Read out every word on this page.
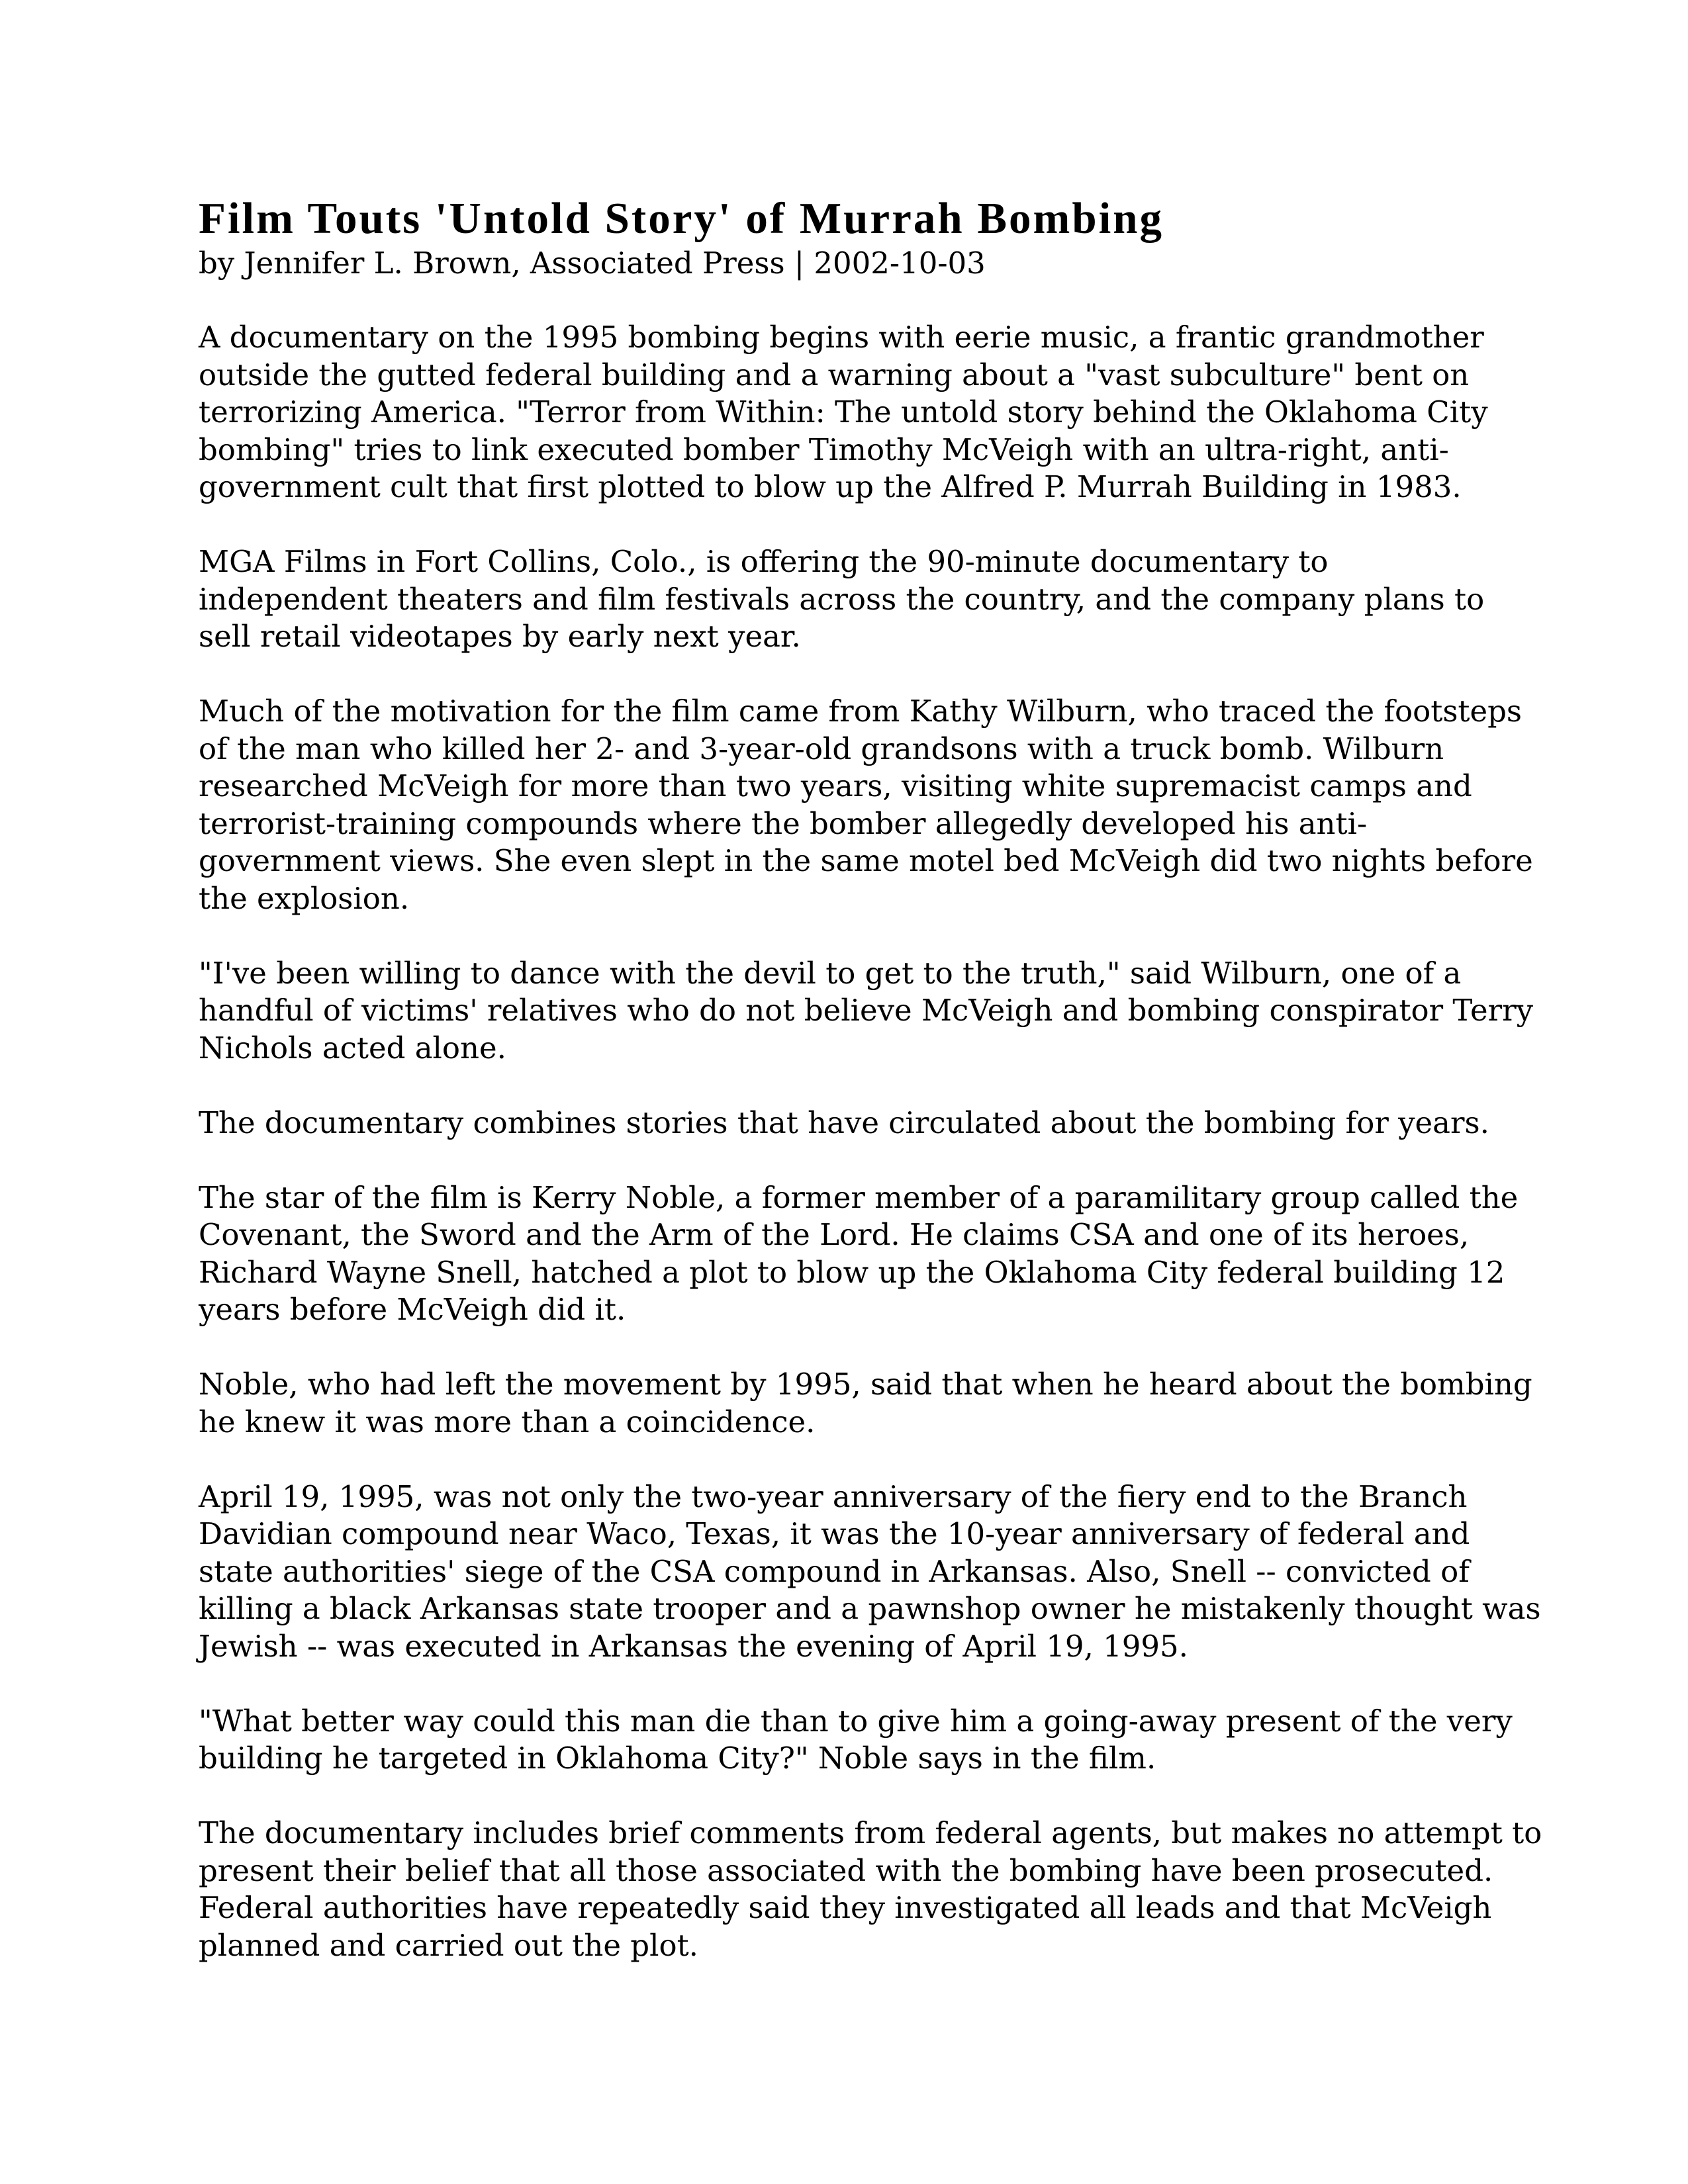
Film Touts 'Untold Story' of Murrah Bombing
by Jennifer L. Brown, Associated Press | 2002-10-03
A documentary on the 1995 bombing begins with eerie music, a frantic grandmother
outside the gutted federal building and a warning about a "vast subculture" bent on
terrorizing America. "Terror from Within: The untold story behind the Oklahoma City
bombing" tries to link executed bomber Timothy McVeigh with an ultra-right, anti-
government cult that first plotted to blow up the Alfred P. Murrah Building in 1983.
MGA Films in Fort Collins, Colo., is offering the 90-minute documentary to
independent theaters and film festivals across the country, and the company plans to
sell retail videotapes by early next year.
Much of the motivation for the film came from Kathy Wilburn, who traced the footsteps
of the man who killed her 2- and 3-year-old grandsons with a truck bomb. Wilburn
researched McVeigh for more than two years, visiting white supremacist camps and
terrorist-training compounds where the bomber allegedly developed his anti-
government views. She even slept in the same motel bed McVeigh did two nights before
the explosion.
"I've been willing to dance with the devil to get to the truth," said Wilburn, one of a
handful of victims' relatives who do not believe McVeigh and bombing conspirator Terry
Nichols acted alone.
The documentary combines stories that have circulated about the bombing for years.
The star of the film is Kerry Noble, a former member of a paramilitary group called the
Covenant, the Sword and the Arm of the Lord. He claims CSA and one of its heroes,
Richard Wayne Snell, hatched a plot to blow up the Oklahoma City federal building 12
years before McVeigh did it.
Noble, who had left the movement by 1995, said that when he heard about the bombing
he knew it was more than a coincidence.
April 19, 1995, was not only the two-year anniversary of the fiery end to the Branch
Davidian compound near Waco, Texas, it was the 10-year anniversary of federal and
state authorities' siege of the CSA compound in Arkansas. Also, Snell -- convicted of
killing a black Arkansas state trooper and a pawnshop owner he mistakenly thought was
Jewish -- was executed in Arkansas the evening of April 19, 1995.
"What better way could this man die than to give him a going-away present of the very
building he targeted in Oklahoma City?" Noble says in the film.
The documentary includes brief comments from federal agents, but makes no attempt to
present their belief that all those associated with the bombing have been prosecuted.
Federal authorities have repeatedly said they investigated all leads and that McVeigh
planned and carried out the plot.
